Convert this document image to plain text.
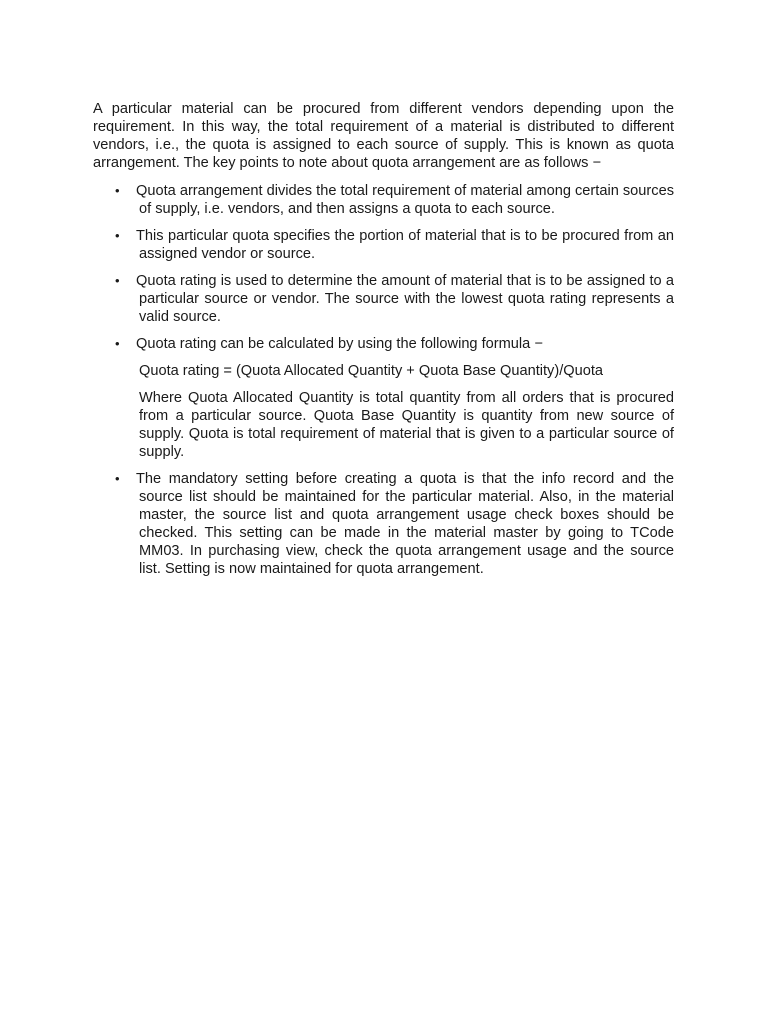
A particular material can be procured from different vendors depending upon the requirement. In this way, the total requirement of a material is distributed to different vendors, i.e., the quota is assigned to each source of supply. This is known as quota arrangement. The key points to note about quota arrangement are as follows −

• Quota arrangement divides the total requirement of material among certain sources of supply, i.e. vendors, and then assigns a quota to each source.

• This particular quota specifies the portion of material that is to be procured from an assigned vendor or source.

• Quota rating is used to determine the amount of material that is to be assigned to a particular source or vendor. The source with the lowest quota rating represents a valid source.

• Quota rating can be calculated by using the following formula −

Quota rating = (Quota Allocated Quantity + Quota Base Quantity)/Quota

Where Quota Allocated Quantity is total quantity from all orders that is procured from a particular source. Quota Base Quantity is quantity from new source of supply. Quota is total requirement of material that is given to a particular source of supply.

• The mandatory setting before creating a quota is that the info record and the source list should be maintained for the particular material. Also, in the material master, the source list and quota arrangement usage check boxes should be checked. This setting can be made in the material master by going to TCode MM03. In purchasing view, check the quota arrangement usage and the source list. Setting is now maintained for quota arrangement.
